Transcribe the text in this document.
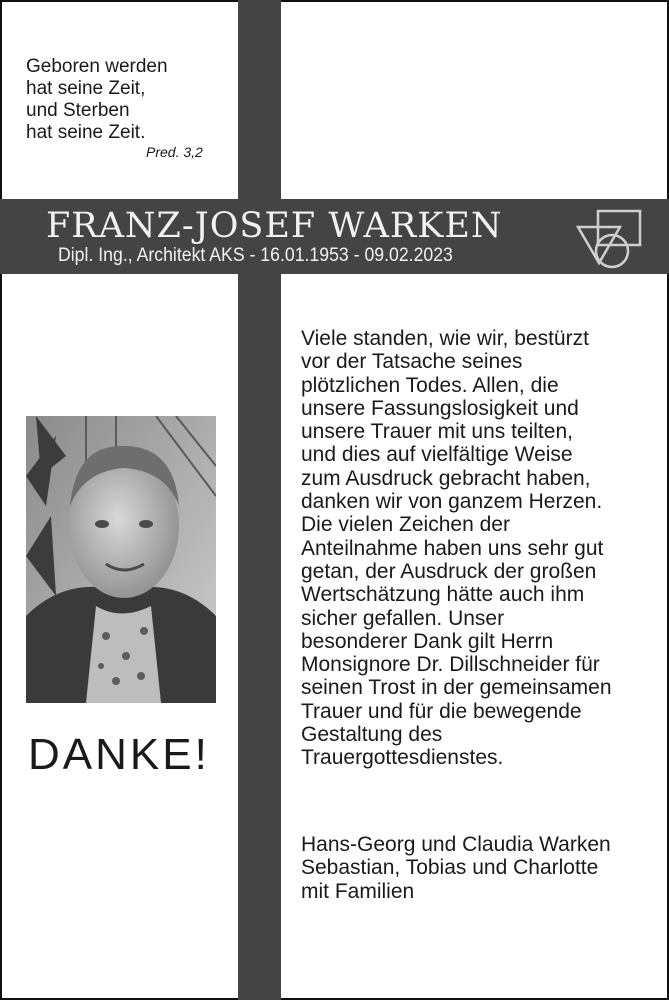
Geboren werden
hat seine Zeit,
und Sterben
hat seine Zeit.
Pred. 3,2
FRANZ-JOSEF WARKEN
Dipl. Ing., Architekt AKS - 16.01.1953 - 09.02.2023
DANKE!
Viele standen, wie wir, bestürzt
vor der Tatsache seines
plötzlichen Todes. Allen, die
unsere Fassungslosigkeit und
unsere Trauer mit uns teilten,
und dies auf vielfältige Weise
zum Ausdruck gebracht haben,
danken wir von ganzem Herzen.
Die vielen Zeichen der
Anteilnahme haben uns sehr gut
getan, der Ausdruck der großen
Wertschätzung hätte auch ihm
sicher gefallen. Unser
besonderer Dank gilt Herrn
Monsignore Dr. Dillschneider für
seinen Trost in der gemeinsamen
Trauer und für die bewegende
Gestaltung des
Trauergottesdienstes.
Hans-Georg und Claudia Warken
Sebastian, Tobias und Charlotte
mit Familien
